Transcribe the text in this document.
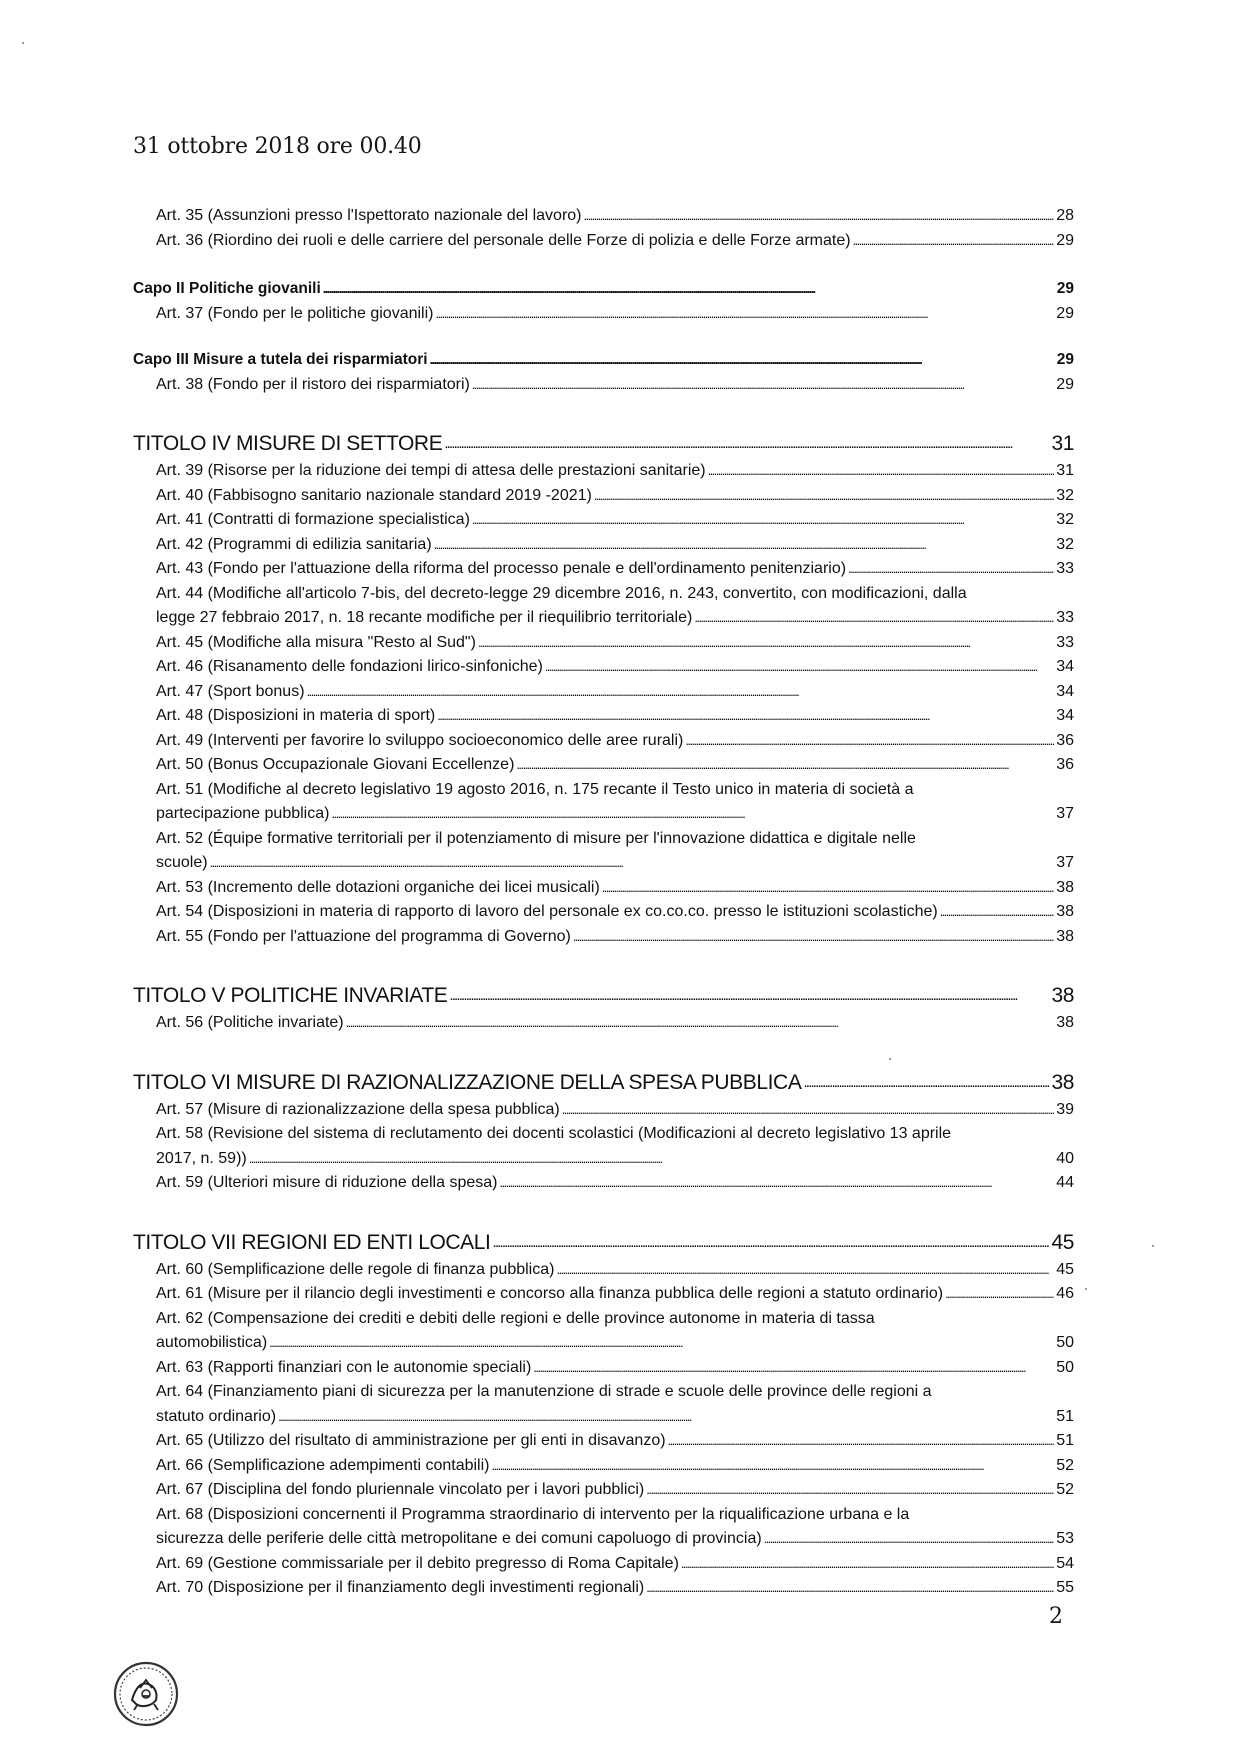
31 ottobre 2018 ore 00.40
Art. 35 (Assunzioni presso l'Ispettorato nazionale del lavoro) . . .	28
Art. 36 (Riordino dei ruoli e delle carriere del personale delle Forze di polizia e delle Forze armate) . . .	29
Capo II Politiche giovanili . . .	29
Art. 37 (Fondo per le politiche giovanili) . . .	29
Capo III Misure a tutela dei risparmiatori . . .	29
Art. 38 (Fondo per il ristoro dei risparmiatori) . . .	29
TITOLO IV MISURE DI SETTORE . . .	31
Art. 39 (Risorse per la riduzione dei tempi di attesa delle prestazioni sanitarie) . . .	31
Art. 40 (Fabbisogno sanitario nazionale standard 2019 -2021) . . .	32
Art. 41 (Contratti di formazione specialistica) . . .	32
Art. 42 (Programmi di edilizia sanitaria) . . .	32
Art. 43 (Fondo per l'attuazione della riforma del processo penale e dell'ordinamento penitenziario) . . .	33
Art. 44 (Modifiche all'articolo 7-bis, del decreto-legge 29 dicembre 2016, n. 243, convertito, con modificazioni, dalla
legge 27 febbraio 2017, n. 18 recante modifiche per il riequilibrio territoriale) . . .	33
Art. 45 (Modifiche alla misura "Resto al Sud") . . .	33
Art. 46 (Risanamento delle fondazioni lirico-sinfoniche) . . .	34
Art. 47 (Sport bonus) . . .	34
Art. 48 (Disposizioni in materia di sport) . . .	34
Art. 49 (Interventi per favorire lo sviluppo socioeconomico delle aree rurali) . . .	36
Art. 50 (Bonus Occupazionale Giovani Eccellenze) . . .	36
Art. 51 (Modifiche al decreto legislativo 19 agosto 2016, n. 175 recante il Testo unico in materia di società a
partecipazione pubblica) . . .	37
Art. 52 (Équipe formative territoriali per il potenziamento di misure per l'innovazione didattica e digitale nelle
scuole) . . .	37
Art. 53 (Incremento delle dotazioni organiche dei licei musicali) . . .	38
Art. 54 (Disposizioni in materia di rapporto di lavoro del personale ex co.co.co. presso le istituzioni scolastiche) . . .	38
Art. 55 (Fondo per l'attuazione del programma di Governo) . . .	38
TITOLO V POLITICHE INVARIATE . . .	38
Art. 56 (Politiche invariate) . . .	38
TITOLO VI MISURE DI RAZIONALIZZAZIONE DELLA SPESA PUBBLICA . . .	38
Art. 57 (Misure di razionalizzazione della spesa pubblica) . . .	39
Art. 58 (Revisione del sistema di reclutamento dei docenti scolastici (Modificazioni al decreto legislativo 13 aprile
2017, n. 59)) . . .	40
Art. 59 (Ulteriori misure di riduzione della spesa) . . .	44
TITOLO VII REGIONI ED ENTI LOCALI . . .	45
Art. 60 (Semplificazione delle regole di finanza pubblica) . . .	45
Art. 61 (Misure per il rilancio degli investimenti e concorso alla finanza pubblica delle regioni a statuto ordinario) . . .	46
Art. 62 (Compensazione dei crediti e debiti delle regioni e delle province autonome in materia di tassa
automobilistica) . . .	50
Art. 63 (Rapporti finanziari con le autonomie speciali) . . .	50
Art. 64 (Finanziamento piani di sicurezza per la manutenzione di strade e scuole delle province delle regioni a
statuto ordinario) . . .	51
Art. 65 (Utilizzo del risultato di amministrazione per gli enti in disavanzo) . . .	51
Art. 66 (Semplificazione adempimenti contabili) . . .	52
Art. 67 (Disciplina del fondo pluriennale vincolato per i lavori pubblici) . . .	52
Art. 68 (Disposizioni concernenti il Programma straordinario di intervento per la riqualificazione urbana e la
sicurezza delle periferie delle città metropolitane e dei comuni capoluogo di provincia) . . .	53
Art. 69 (Gestione commissariale per il debito pregresso di Roma Capitale) . . .	54
Art. 70 (Disposizione per il finanziamento degli investimenti regionali) . . .	55
2
